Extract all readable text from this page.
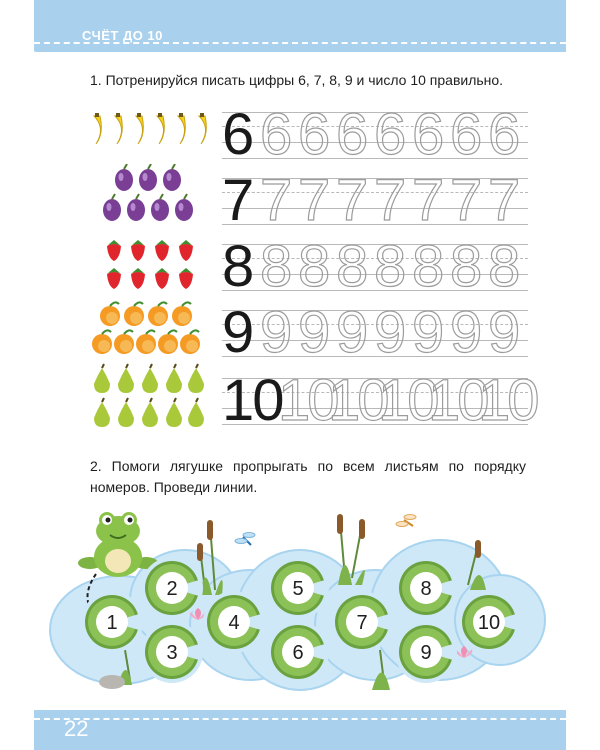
СЧЁТ ДО 10
1. Потренируйся писать цифры 6, 7, 8, 9 и число 10 правильно.
6 6 6 6 6 6 6 6
7 7 7 7 7 7 7 7
8 8 8 8 8 8 8 8
9 9 9 9 9 9 9 9
10
10
10
10
10
10
2. Помоги лягушке пропрыгать по всем листьям по порядку номеров. Проведи линии.
1
2
3
4
5
6
7
8
9
10
22
